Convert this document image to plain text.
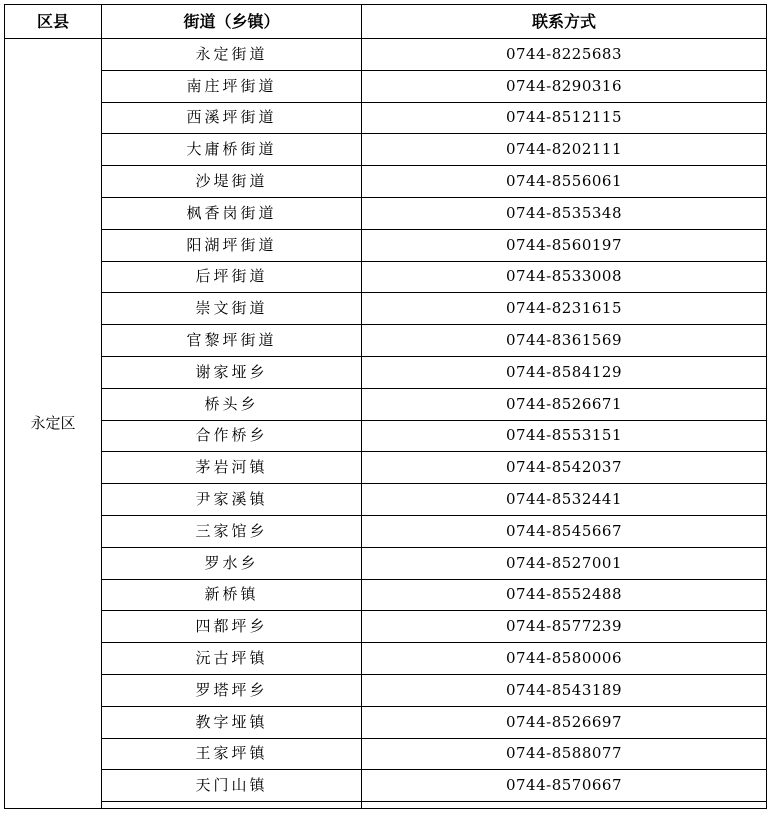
区县	街道（乡镇）	联系方式
永定区	永定街道	0744-8225683
	南庄坪街道	0744-8290316
	西溪坪街道	0744-8512115
	大庸桥街道	0744-8202111
	沙堤街道	0744-8556061
	枫香岗街道	0744-8535348
	阳湖坪街道	0744-8560197
	后坪街道	0744-8533008
	崇文街道	0744-8231615
	官黎坪街道	0744-8361569
	谢家垭乡	0744-8584129
	桥头乡	0744-8526671
	合作桥乡	0744-8553151
	茅岩河镇	0744-8542037
	尹家溪镇	0744-8532441
	三家馆乡	0744-8545667
	罗水乡	0744-8527001
	新桥镇	0744-8552488
	四都坪乡	0744-8577239
	沅古坪镇	0744-8580006
	罗塔坪乡	0744-8543189
	教字垭镇	0744-8526697
	王家坪镇	0744-8588077
	天门山镇	0744-8570667
